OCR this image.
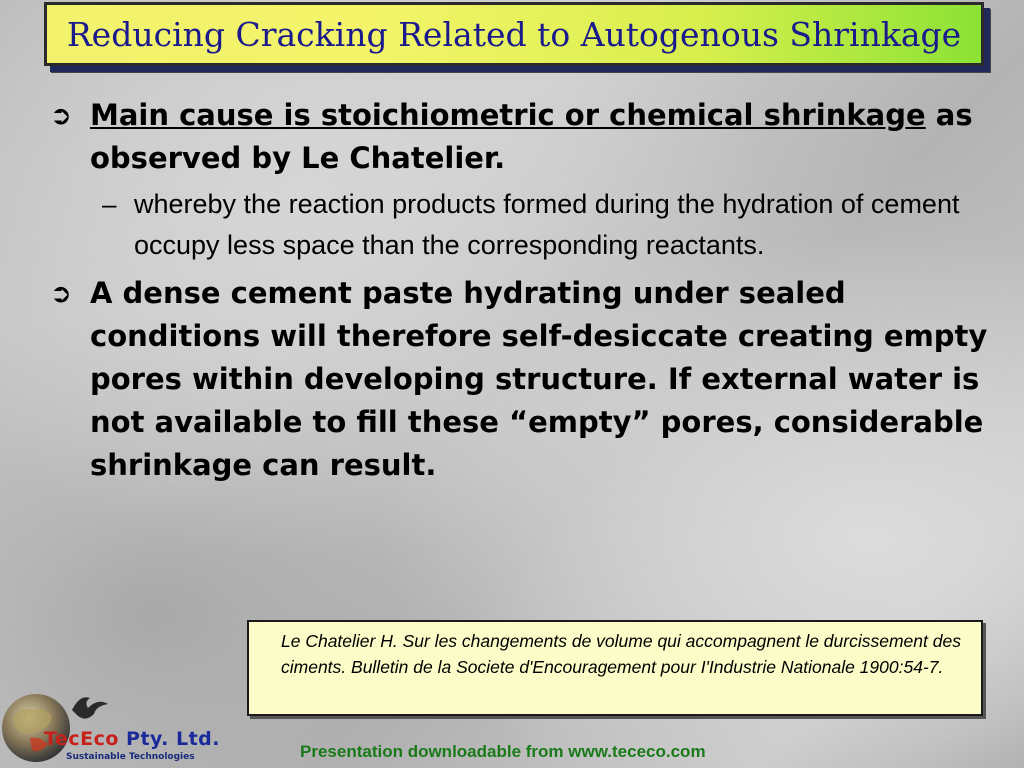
Reducing Cracking Related to Autogenous Shrinkage
➲ Main cause is stoichiometric or chemical shrinkage as observed by Le Chatelier.
– whereby the reaction products formed during the hydration of cement occupy less space than the corresponding reactants.
➲ A dense cement paste hydrating under sealed conditions will therefore self-desiccate creating empty pores within developing structure. If external water is not available to fill these “empty” pores, considerable shrinkage can result.
Le Chatelier H. Sur les changements de volume qui accompagnent le durcissement des ciments. Bulletin de la Societe d'Encouragement pour I'Industrie Nationale 1900:54-7.
TecEco Pty. Ltd.
Sustainable Technologies	Presentation downloadable from www.tececo.com
